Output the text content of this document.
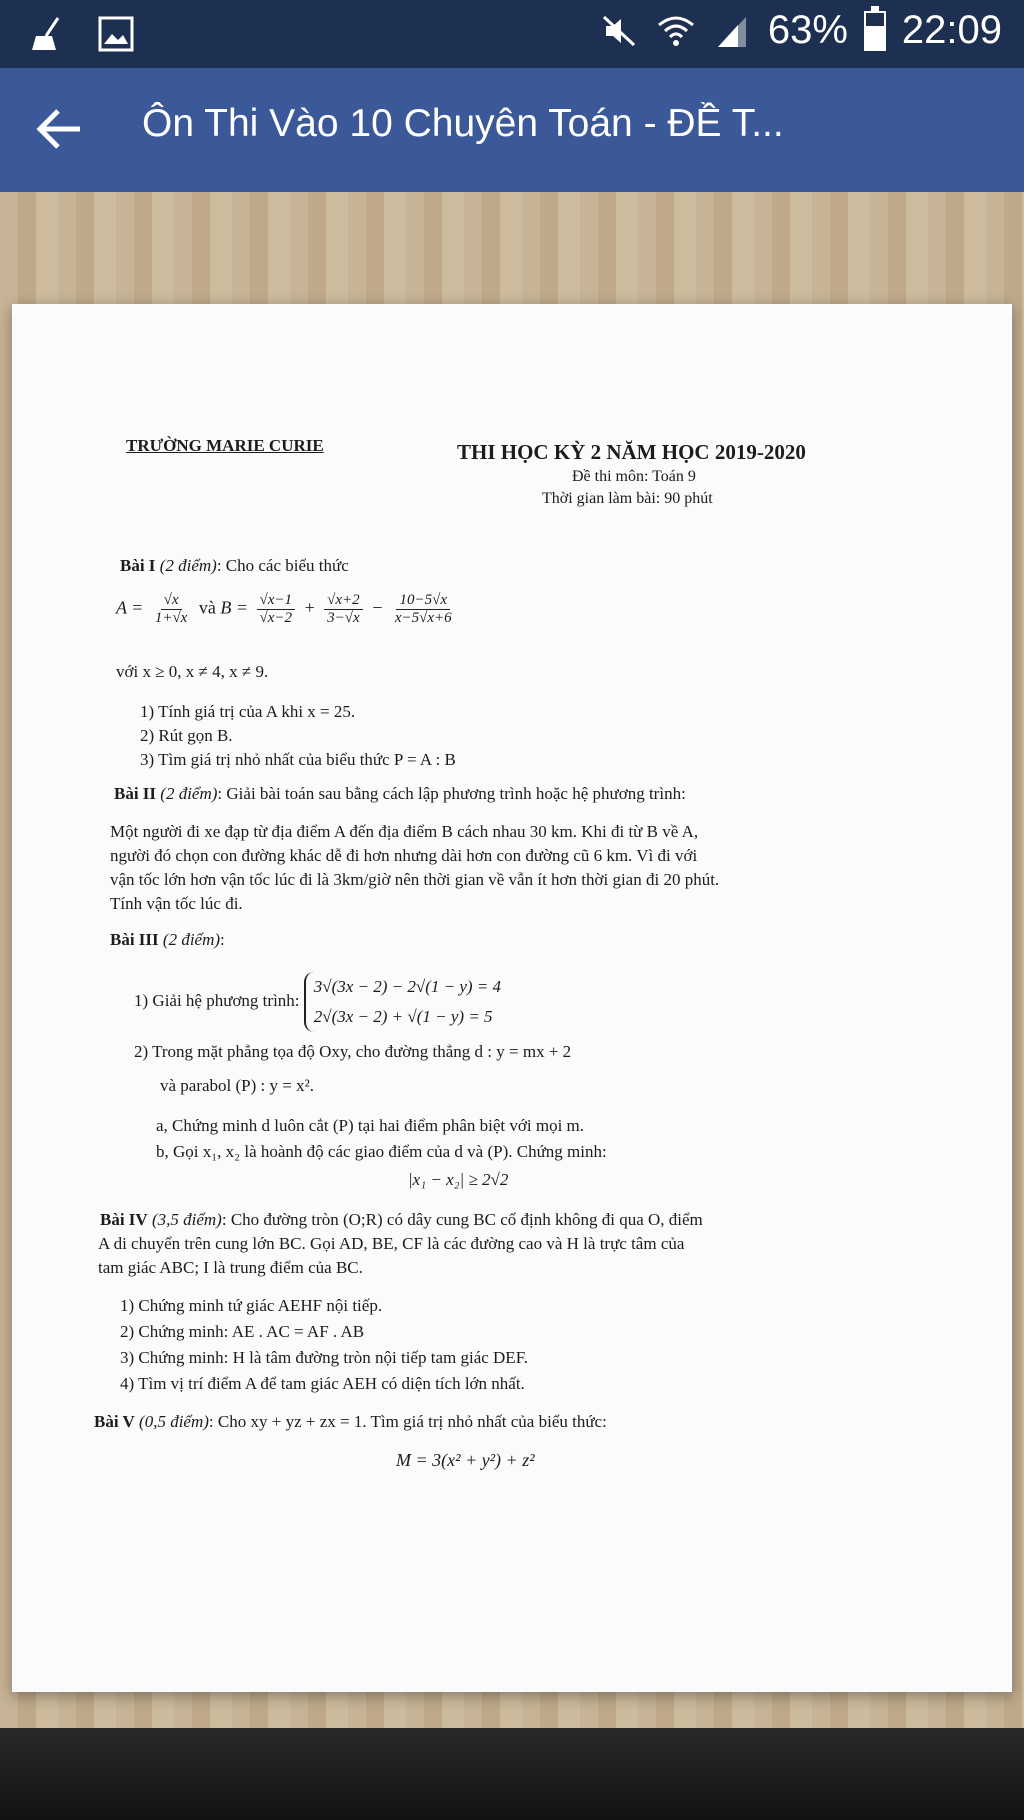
63% 22:09
Ôn Thi Vào 10 Chuyên Toán - ĐỀ T...
TRƯỜNG MARIE CURIE	THI HỌC KỲ 2 NĂM HỌC 2019-2020
Đề thi môn: Toán 9
Thời gian làm bài: 90 phút
Bài I (2 điểm): Cho các biểu thức
$A = \frac{√x}{1+√x}$ và $B = \frac{√x-1}{√x-2} + \frac{√x+2}{3-√x} - \frac{10-5√x}{x-5√x+6}$
với x ≥ 0, x ≠ 4, x ≠ 9.
1) Tính giá trị của A khi x = 25.
2) Rút gọn B.
3) Tìm giá trị nhỏ nhất của biểu thức P = A : B
Bài II (2 điểm): Giải bài toán sau bằng cách lập phương trình hoặc hệ phương trình:
Một người đi xe đạp từ địa điểm A đến địa điểm B cách nhau 30 km. Khi đi từ B về A,
người đó chọn con đường khác dễ đi hơn nhưng dài hơn con đường cũ 6 km. Vì đi với
vận tốc lớn hơn vận tốc lúc đi là 3km/giờ nên thời gian về vẫn ít hơn thời gian đi 20 phút.
Tính vận tốc lúc đi.
Bài III (2 điểm):
1) Giải hệ phương trình: 3√(3x − 2) − 2√(1 − y) = 4
2√(3x − 2) + √(1 − y) = 5
2) Trong mặt phẳng tọa độ Oxy, cho đường thẳng d : y = mx + 2
và parabol (P) : y = x².
a, Chứng minh d luôn cắt (P) tại hai điểm phân biệt với mọi m.
b, Gọi x₁, x₂ là hoành độ các giao điểm của d và (P). Chứng minh:
|x₁ − x₂| ≥ 2√2
Bài IV (3,5 điểm): Cho đường tròn (O;R) có dây cung BC cố định không đi qua O, điểm
A di chuyển trên cung lớn BC. Gọi AD, BE, CF là các đường cao và H là trực tâm của
tam giác ABC; I là trung điểm của BC.
1) Chứng minh tứ giác AEHF nội tiếp.
2) Chứng minh: AE . AC = AF . AB
3) Chứng minh: H là tâm đường tròn nội tiếp tam giác DEF.
4) Tìm vị trí điểm A để tam giác AEH có diện tích lớn nhất.
Bài V (0,5 điểm): Cho xy + yz + zx = 1. Tìm giá trị nhỏ nhất của biểu thức:
M = 3(x² + y²) + z²
